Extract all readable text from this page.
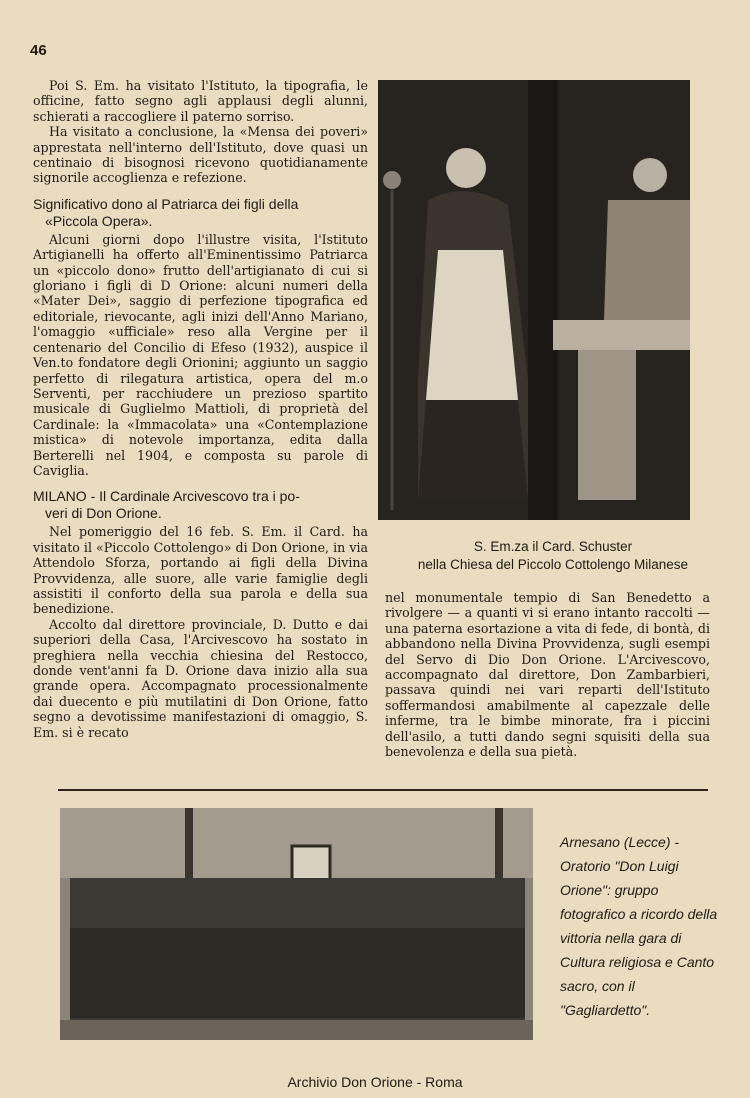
46

Poi S. Em. ha visitato l'Istituto, la tipografia, le officine, fatto segno agli applausi degli alunni, schierati a raccogliere il paterno sorriso.

Ha visitato a conclusione, la «Mensa dei poveri» apprestata nell'interno dell'Istituto, dove quasi un centinaio di bisognosi ricevono quotidianamente signorile accoglienza e refezione.

Significativo dono al Patriarca dei figli della
«Piccola Opera».

Alcuni giorni dopo l'illustre visita, l'Istituto Artigianelli ha offerto all'Eminentissimo Patriarca un «piccolo dono» frutto dell'artigianato di cui si gloriano i figli di D Orione: alcuni numeri della «Mater Dei», saggio di perfezione tipografica ed editoriale, rievocante, agli inizi dell'Anno Mariano, l'omaggio «ufficiale» reso alla Vergine per il centenario del Concilio di Efeso (1932), auspice il Ven.to fondatore degli Orionini; aggiunto un saggio perfetto di rilegatura artistica, opera del m.o Serventi, per racchiudere un prezioso spartito musicale di Guglielmo Mattioli, di proprietà del Cardinale: la «Immacolata» una «Contemplazione mistica» di notevole importanza, edita dalla Berterelli nel 1904, e composta su parole di Caviglia.

MILANO - Il Cardinale Arcivescovo tra i po-
veri di Don Orione.

Nel pomeriggio del 16 feb. S. Em. il Card. ha visitato il «Piccolo Cottolengo» di Don Orione, in via Attendolo Sforza, portando ai figli della Divina Provvidenza, alle suore, alle varie famiglie degli assistiti il conforto della sua parola e della sua benedizione.

Accolto dal direttore provinciale, D. Dutto e dai superiori della Casa, l'Arcivescovo ha sostato in preghiera nella vecchia chiesina del Restocco, donde vent'anni fa D. Orione dava inizio alla sua grande opera. Accompagnato processionalmente dai duecento e più mutilatini di Don Orione, fatto segno a devotissime manifestazioni di omaggio, S. Em. si è recato

S. Em.za il Card. Schuster
nella Chiesa del Piccolo Cottolengo Milanese

nel monumentale tempio di San Benedetto a rivolgere — a quanti vi si erano intanto raccolti — una paterna esortazione a vita di fede, di bontà, di abbandono nella Divina Provvidenza, sugli esempi del Servo di Dio Don Orione. L'Arcivescovo, accompagnato dal direttore, Don Zambarbieri, passava quindi nei vari reparti dell'Istituto soffermandosi amabilmente al capezzale delle inferme, tra le bimbe minorate, fra i piccini dell'asilo, a tutti dando segni squisiti della sua benevolenza e della sua pietà.

Arnesano (Lecce) - Oratorio "Don Luigi Orione": gruppo fotografico a ricordo della vittoria nella gara di Cultura religiosa e Canto sacro, con il "Gagliardetto".
Archivio Don Orione - Roma
